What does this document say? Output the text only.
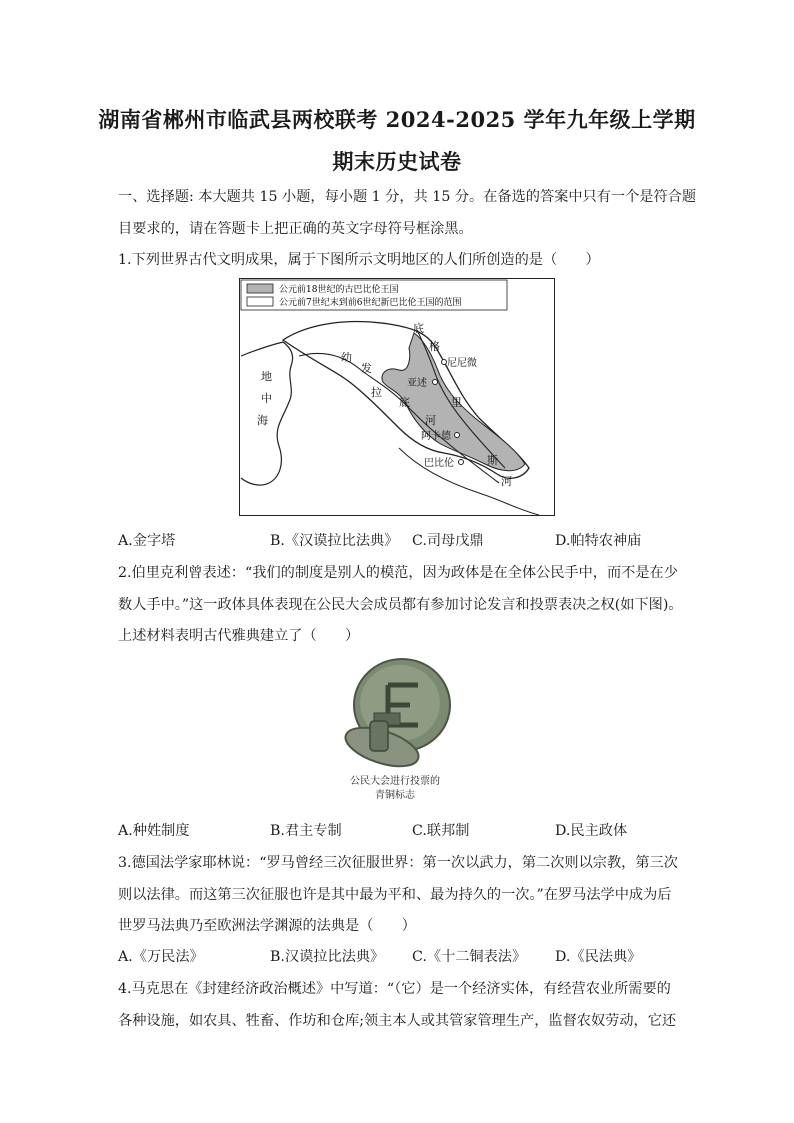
湖南省郴州市临武县两校联考 2024-2025 学年九年级上学期
期末历史试卷
一、选择题: 本大题共 15 小题，每小题 1 分，共 15 分。在备选的答案中只有一个是符合题
目要求的，请在答题卡上把正确的英文字母符号框涂黑。
1.下列世界古代文明成果，属于下图所示文明地区的人们所创造的是（　　）
公元前18世纪的古巴比伦王国
公元前7世纪末到前6世纪新巴比伦王国的范围
地
中
海
底
格
里
斯
河
幼
发
拉
底
河
尼尼微
亚述
阿卡德
巴比伦
A.金字塔	B.《汉谟拉比法典》 C.司母戊鼎	D.帕特农神庙
2.伯里克利曾表述：“我们的制度是别人的模范，因为政体是在全体公民手中，而不是在少
数人手中。”这一政体具体表现在公民大会成员都有参加讨论发言和投票表决之权(如下图)。
上述材料表明古代雅典建立了（　　）
公民大会进行投票的
青铜标志
A.种姓制度	B.君主专制	C.联邦制	D.民主政体
3.德国法学家耶林说：“罗马曾经三次征服世界：第一次以武力，第二次则以宗教，第三次
则以法律。而这第三次征服也许是其中最为平和、最为持久的一次。”在罗马法学中成为后
世罗马法典乃至欧洲法学渊源的法典是（　　）
A.《万民法》	B.汉谟拉比法典》 C.《十二铜表法》 D.《民法典》
4.马克思在《封建经济政治概述》中写道：“（它）是一个经济实体，有经营农业所需要的
各种设施，如农具、牲畜、作坊和仓库;领主本人或其管家管理生产，监督农奴劳动，它还
